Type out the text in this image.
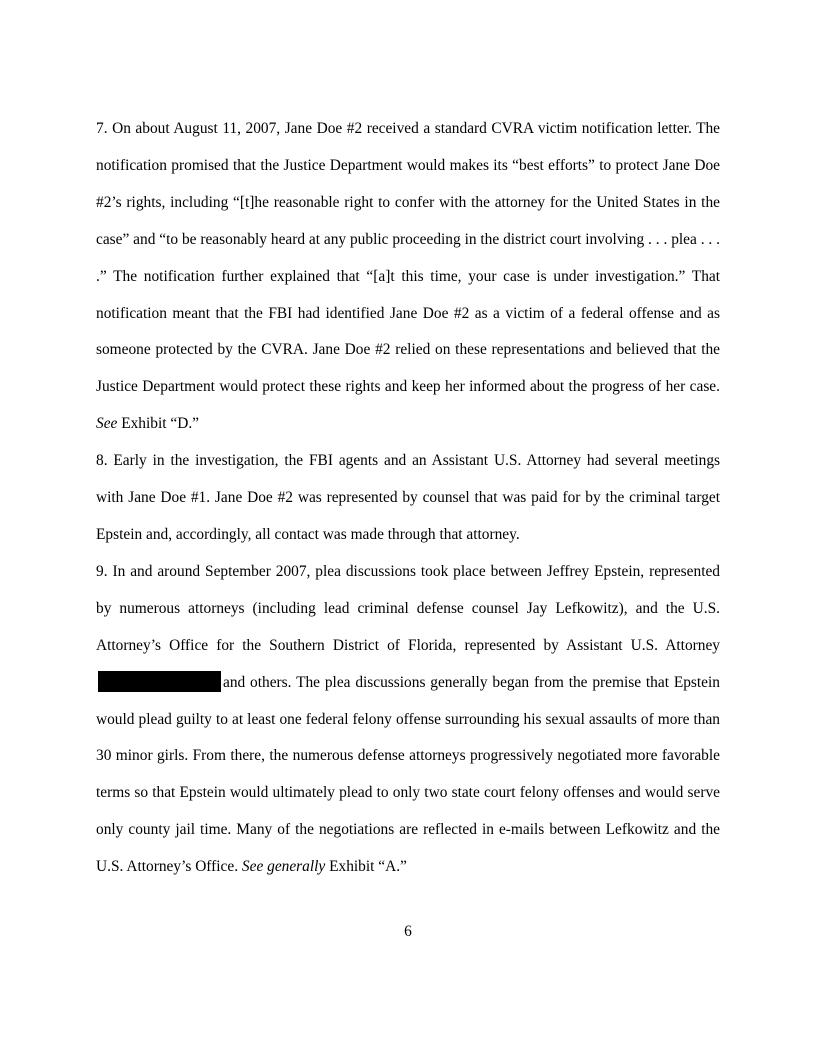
7. On about August 11, 2007, Jane Doe #2 received a standard CVRA victim notification letter. The notification promised that the Justice Department would makes its “best efforts” to protect Jane Doe #2’s rights, including “[t]he reasonable right to confer with the attorney for the United States in the case” and “to be reasonably heard at any public proceeding in the district court involving . . . plea . . . .” The notification further explained that “[a]t this time, your case is under investigation.” That notification meant that the FBI had identified Jane Doe #2 as a victim of a federal offense and as someone protected by the CVRA. Jane Doe #2 relied on these representations and believed that the Justice Department would protect these rights and keep her informed about the progress of her case. See Exhibit “D.”

8. Early in the investigation, the FBI agents and an Assistant U.S. Attorney had several meetings with Jane Doe #1. Jane Doe #2 was represented by counsel that was paid for by the criminal target Epstein and, accordingly, all contact was made through that attorney.

9. In and around September 2007, plea discussions took place between Jeffrey Epstein, represented by numerous attorneys (including lead criminal defense counsel Jay Lefkowitz), and the U.S. Attorney’s Office for the Southern District of Florida, represented by Assistant U.S. Attorney and others. The plea discussions generally began from the premise that Epstein would plead guilty to at least one federal felony offense surrounding his sexual assaults of more than 30 minor girls. From there, the numerous defense attorneys progressively negotiated more favorable terms so that Epstein would ultimately plead to only two state court felony offenses and would serve only county jail time. Many of the negotiations are reflected in e-mails between Lefkowitz and the U.S. Attorney’s Office. See generally Exhibit “A.”

6
